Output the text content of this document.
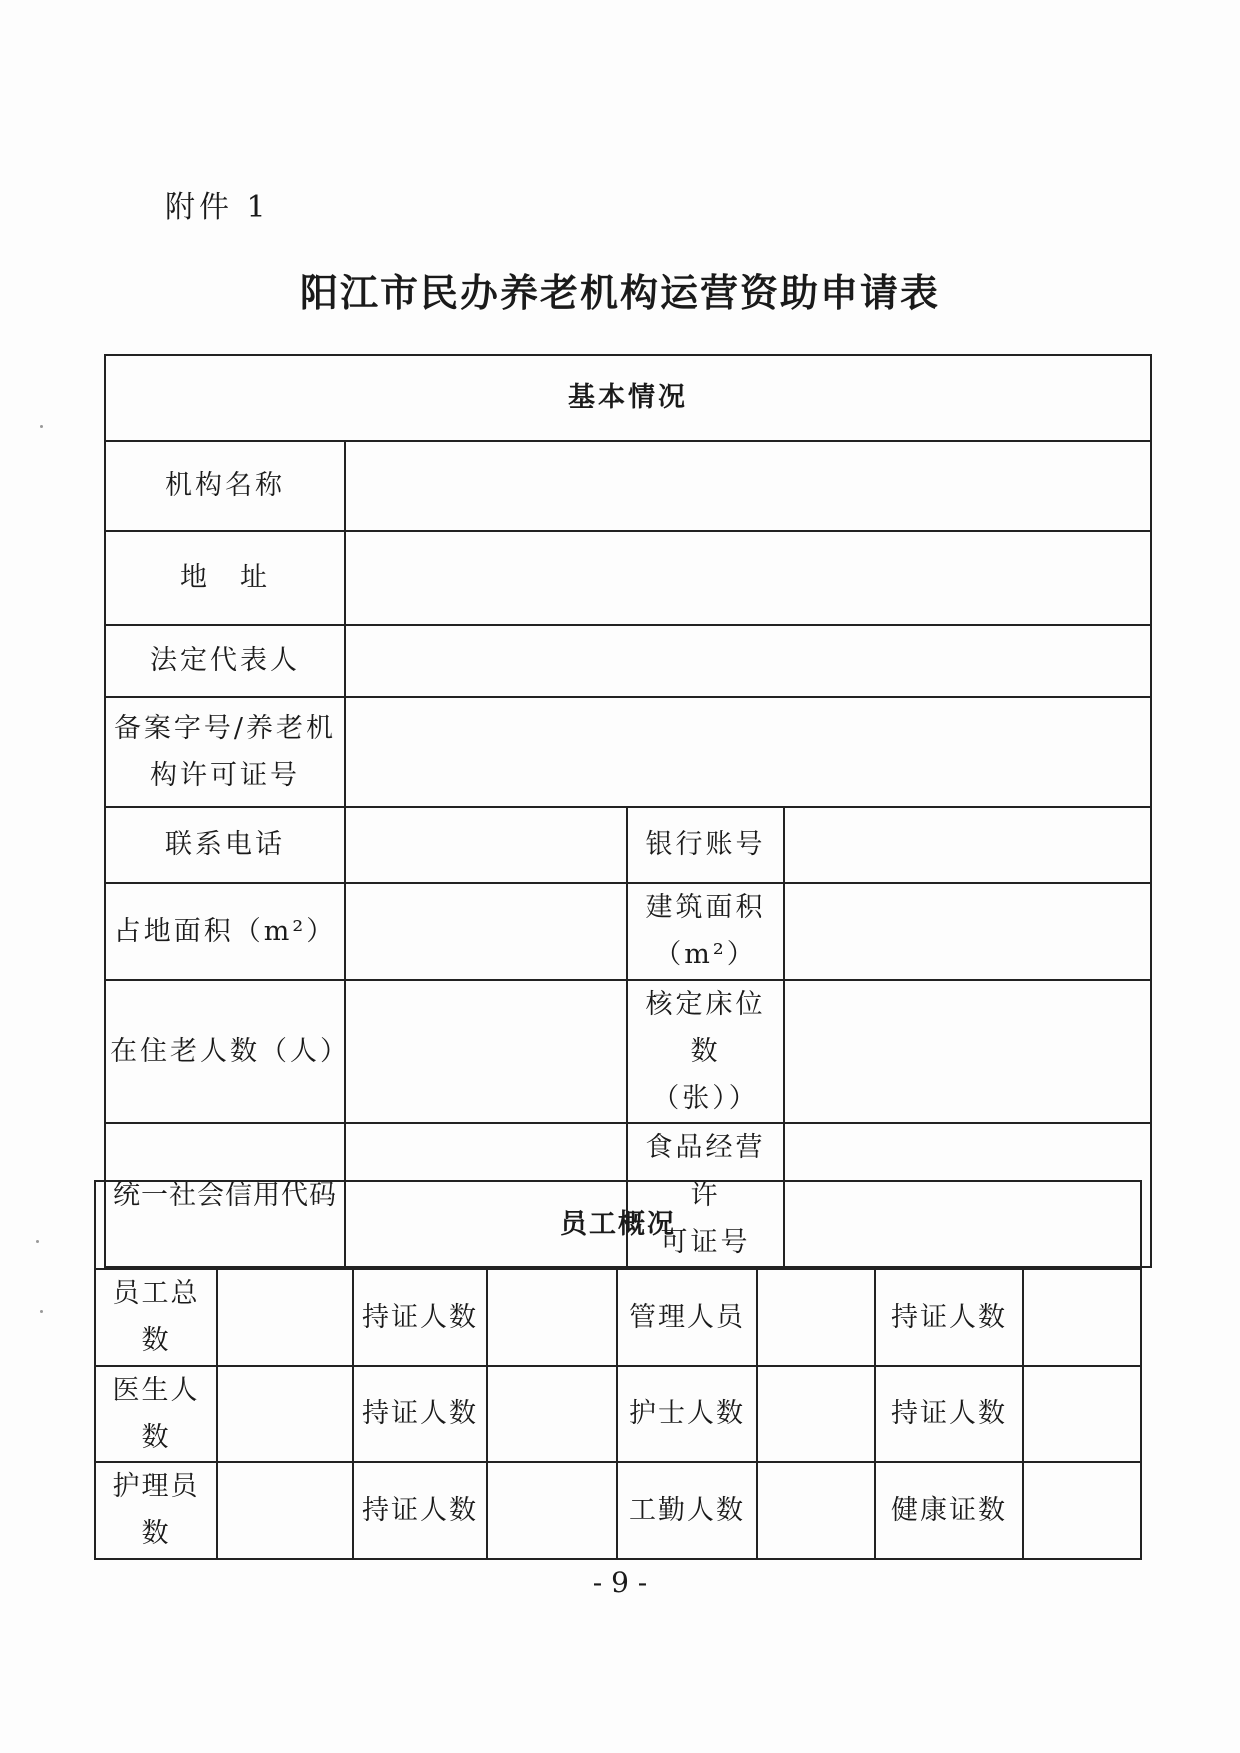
附件 1
阳江市民办养老机构运营资助申请表
基本情况			
机构名称			
地　址			
法定代表人			

备案字号/养老机
构许可证号			

联系电话		银行账号	
占地面积（m²）		建筑面积
（m²）	

在住老人数（人）		核定床位数
（张））	

统一社会信用代码		食品经营许
可证号	

员工概况							
员工总数		持证人数		管理人员		持证人数	
医生人数		持证人数		护士人数		持证人数	
护理员数		持证人数		工勤人数		健康证数	
- 9 -
